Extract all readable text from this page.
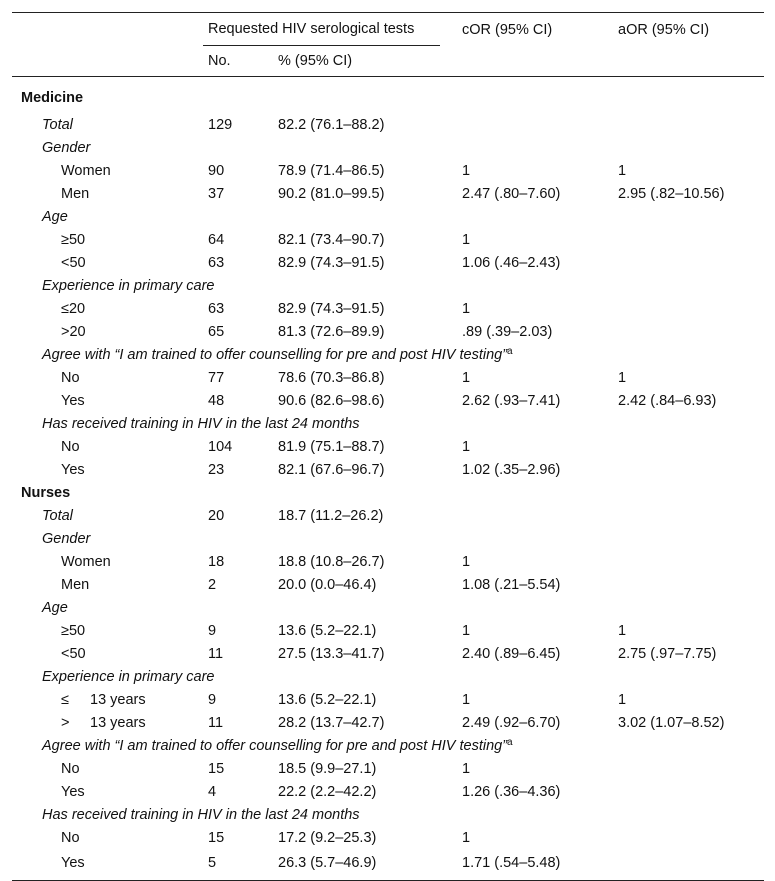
	Requested HIV serological tests		cOR (95% CI)	aOR (95% CI)
	No.	% (95% CI)		
Medicine				
Total	129	82.2 (76.1–88.2)		
Gender				
Women	90	78.9 (71.4–86.5)	1	1
Men	37	90.2 (81.0–99.5)	2.47 (.80–7.60)	2.95 (.82–10.56)
Age				
≥50	64	82.1 (73.4–90.7)	1	
<50	63	82.9 (74.3–91.5)	1.06 (.46–2.43)	
Experience in primary care				
≤20	63	82.9 (74.3–91.5)	1	
>20	65	81.3 (72.6–89.9)	.89 (.39–2.03)	
Agree with “I am trained to offer counselling for pre and post HIV testing”$^a$
No	77	78.6 (70.3–86.8)	1	1
Yes	48	90.6 (82.6–98.6)	2.62 (.93–7.41)	2.42 (.84–6.93)
Has received training in HIV in the last 24 months				
No	104	81.9 (75.1–88.7)	1	
Yes	23	82.1 (67.6–96.7)	1.02 (.35–2.96)	
Nurses				
Total	20	18.7 (11.2–26.2)		
Gender				
Women	18	18.8 (10.8–26.7)	1	
Men	2	20.0 (0.0–46.4)	1.08 (.21–5.54)	
Age				
≥50	9	13.6 (5.2–22.1)	1	1
<50	11	27.5 (13.3–41.7)	2.40 (.89–6.45)	2.75 (.97–7.75)
Experience in primary care				
≤ 13 years	9	13.6 (5.2–22.1)	1	1
> 13 years	11	28.2 (13.7–42.7)	2.49 (.92–6.70)	3.02 (1.07–8.52)
Agree with “I am trained to offer counselling for pre and post HIV testing”$^a$
No	15	18.5 (9.9–27.1)	1	
Yes	4	22.2 (2.2–42.2)	1.26 (.36–4.36)	
Has received training in HIV in the last 24 months				
No	15	17.2 (9.2–25.3)	1	
Yes	5	26.3 (5.7–46.9)	1.71 (.54–5.48)	
